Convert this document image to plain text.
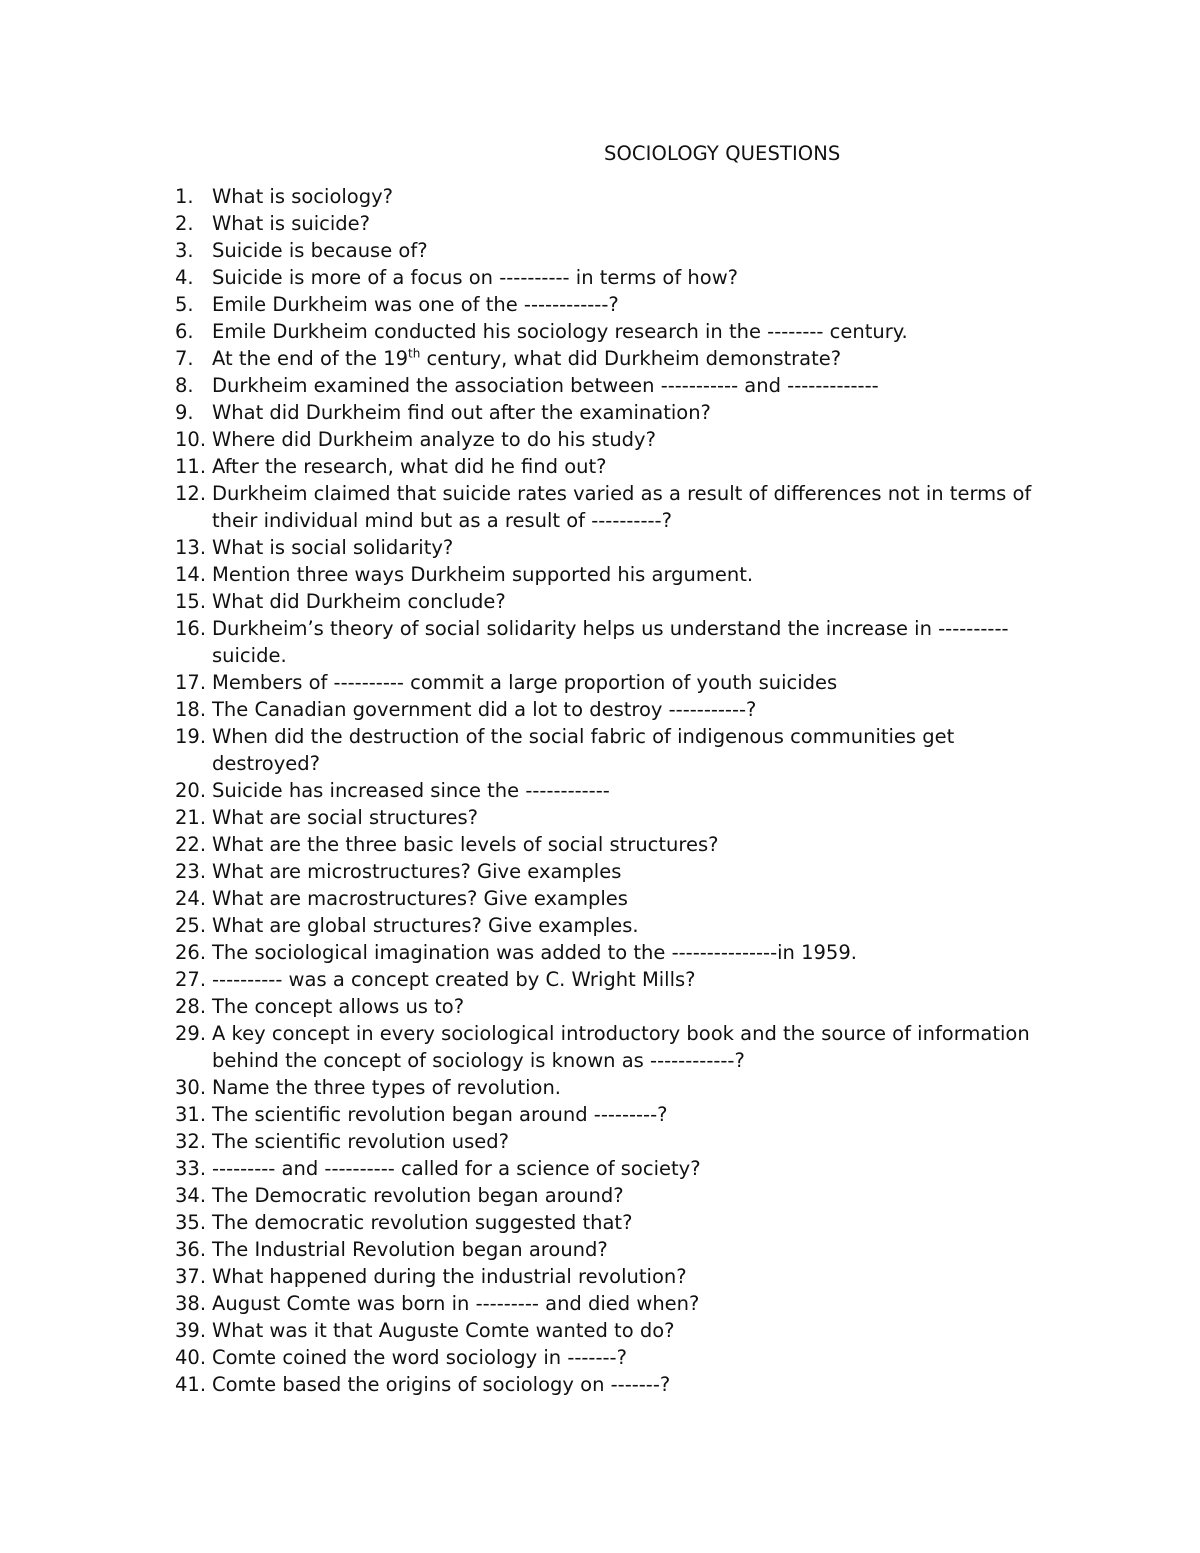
SOCIOLOGY QUESTIONS
1. What is sociology?
2. What is suicide?
3. Suicide is because of?
4. Suicide is more of a focus on ---------- in terms of how?
5. Emile Durkheim was one of the ------------?
6. Emile Durkheim conducted his sociology research in the -------- century.
7. At the end of the 19th century, what did Durkheim demonstrate?
8. Durkheim examined the association between ----------- and -------------
9. What did Durkheim find out after the examination?
10. Where did Durkheim analyze to do his study?
11. After the research, what did he find out?
12. Durkheim claimed that suicide rates varied as a result of differences not in terms of their individual mind but as a result of ----------?
13. What is social solidarity?
14. Mention three ways Durkheim supported his argument.
15. What did Durkheim conclude?
16. Durkheim’s theory of social solidarity helps us understand the increase in ---------- suicide.
17. Members of ---------- commit a large proportion of youth suicides
18. The Canadian government did a lot to destroy -----------?
19. When did the destruction of the social fabric of indigenous communities get destroyed?
20. Suicide has increased since the ------------
21. What are social structures?
22. What are the three basic levels of social structures?
23. What are microstructures? Give examples
24. What are macrostructures? Give examples
25. What are global structures? Give examples.
26. The sociological imagination was added to the ---------------in 1959.
27. ---------- was a concept created by C. Wright Mills?
28. The concept allows us to?
29. A key concept in every sociological introductory book and the source of information behind the concept of sociology is known as ------------?
30. Name the three types of revolution.
31. The scientific revolution began around ---------?
32. The scientific revolution used?
33. --------- and ---------- called for a science of society?
34. The Democratic revolution began around?
35. The democratic revolution suggested that?
36. The Industrial Revolution began around?
37. What happened during the industrial revolution?
38. August Comte was born in --------- and died when?
39. What was it that Auguste Comte wanted to do?
40. Comte coined the word sociology in -------?
41. Comte based the origins of sociology on -------?
